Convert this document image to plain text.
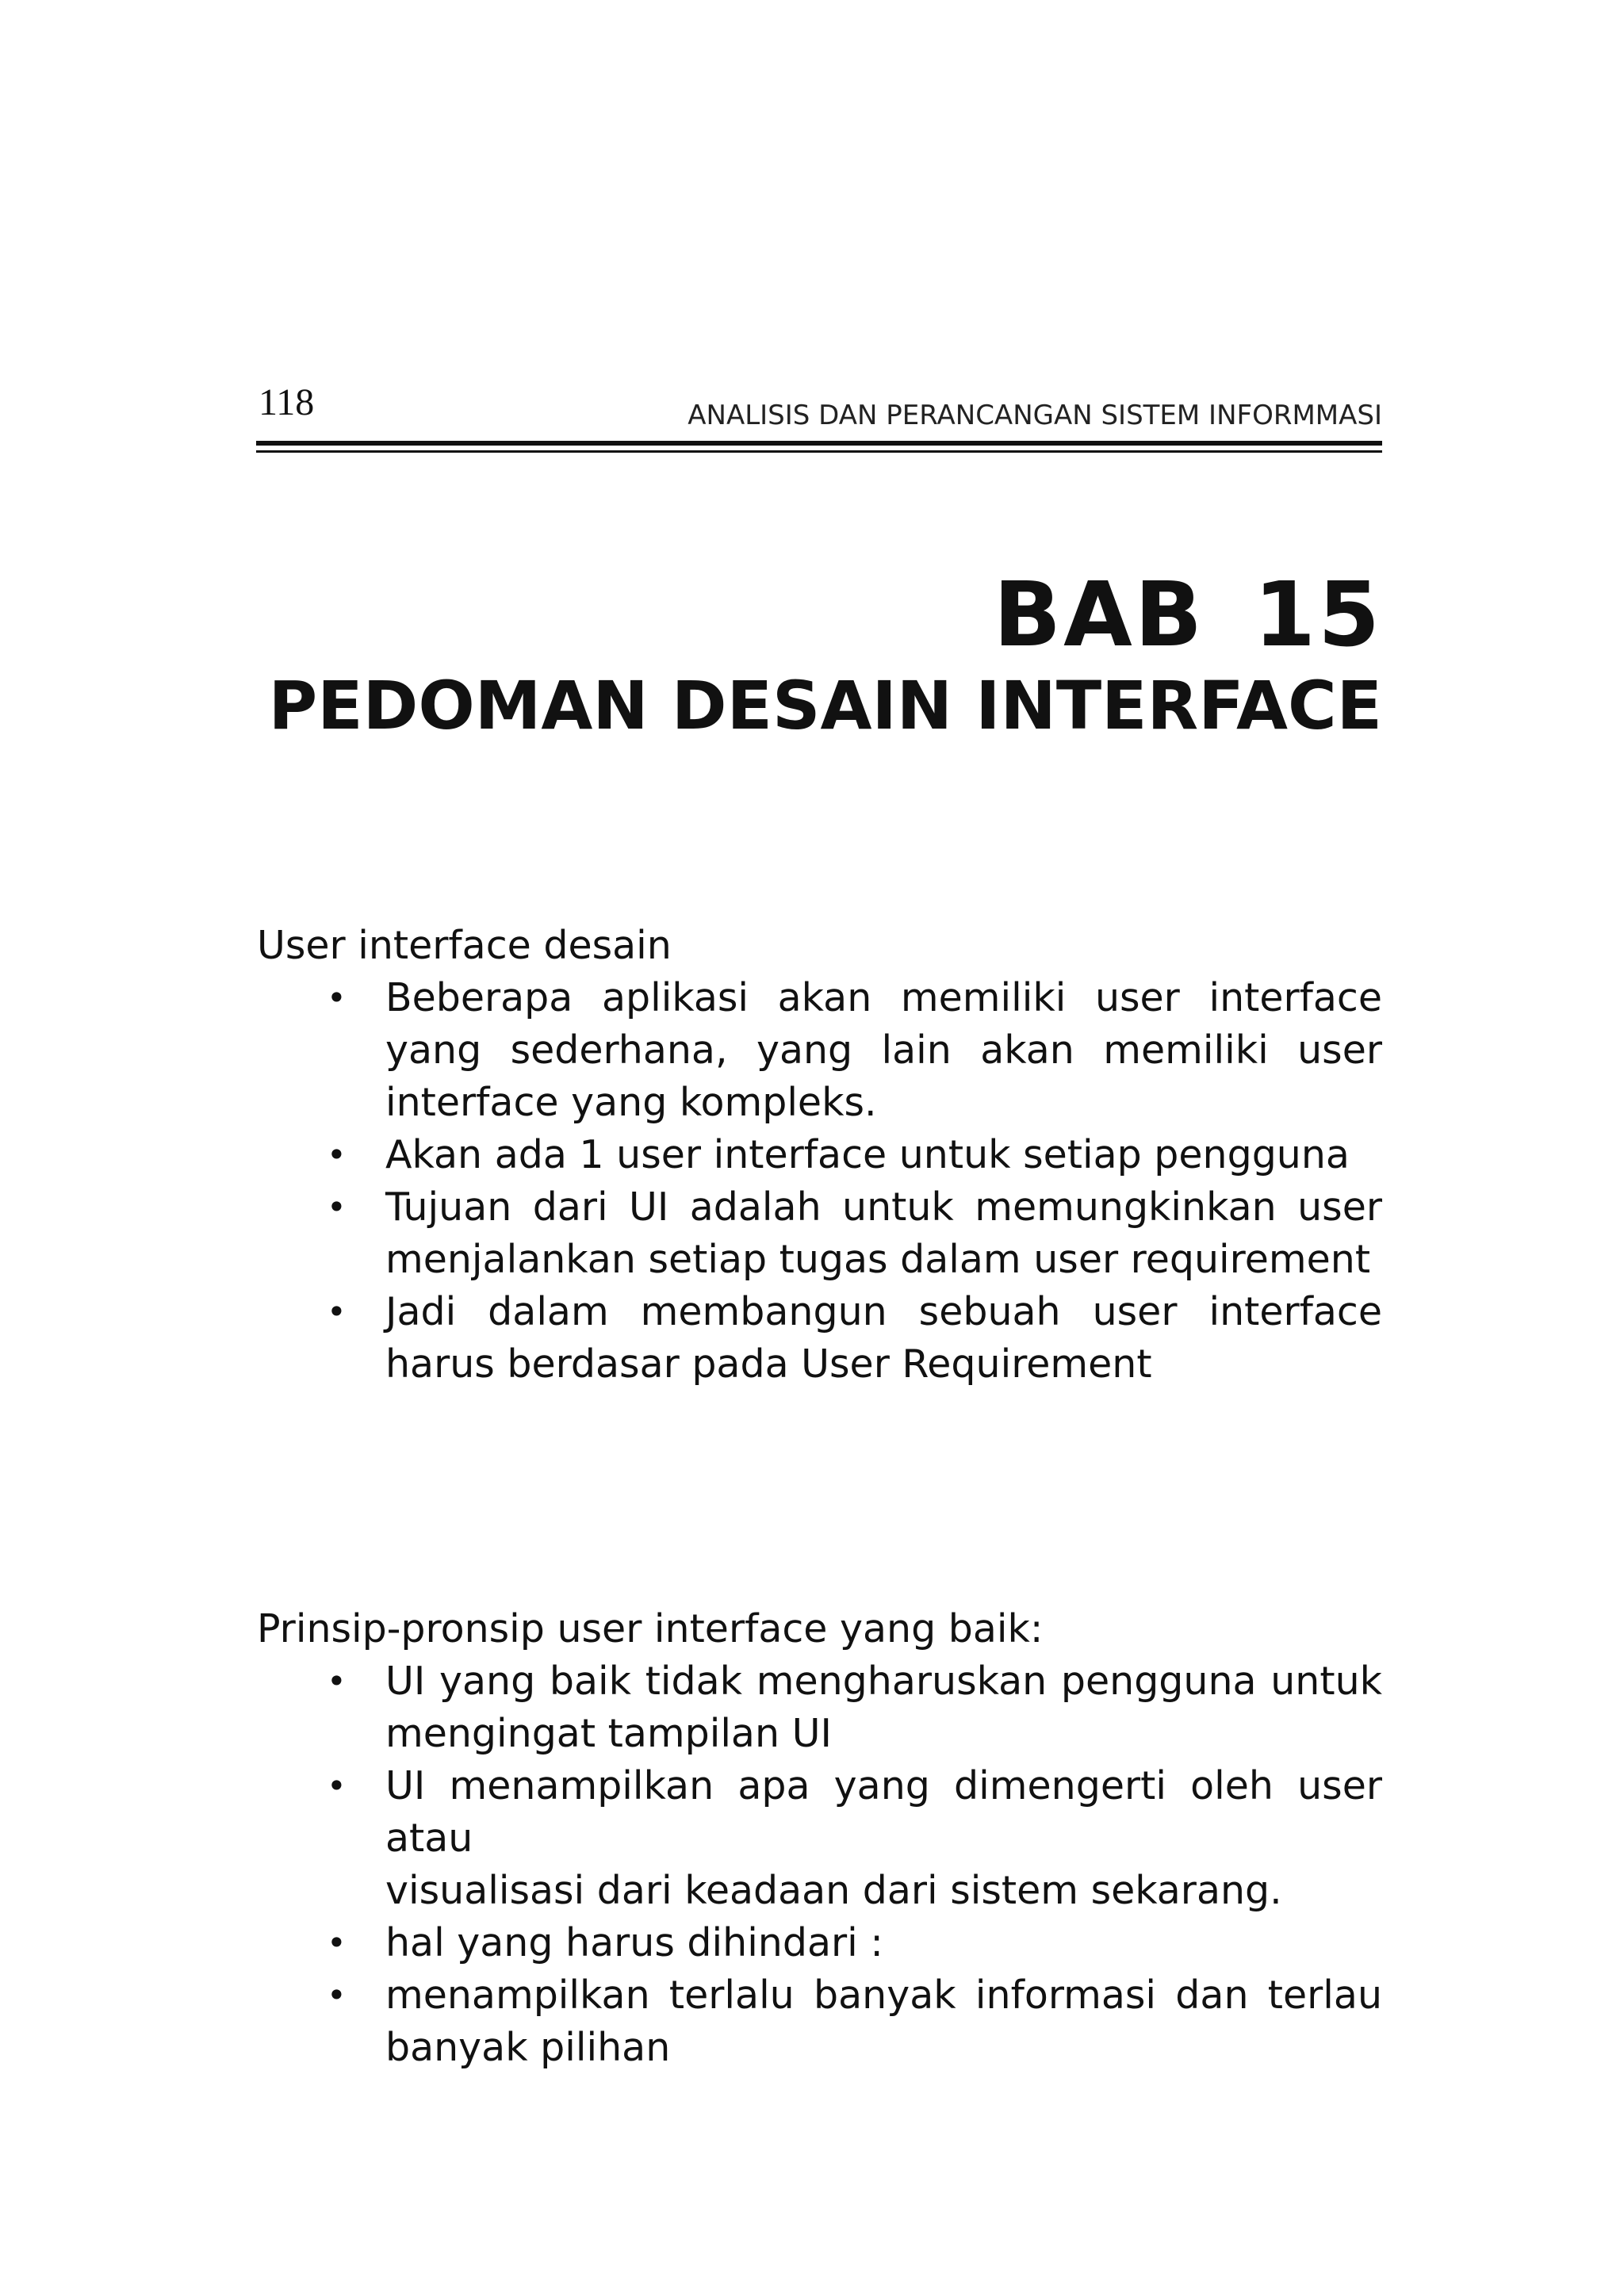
118	ANALISIS DAN PERANCANGAN SISTEM INFORMMASI
BAB 15
PEDOMAN DESAIN INTERFACE
User interface desain
• Beberapa aplikasi akan memiliki user interface yang sederhana, yang lain akan memiliki user interface yang kompleks.
• Akan ada 1 user interface untuk setiap pengguna
• Tujuan dari UI adalah untuk memungkinkan user menjalankan setiap tugas dalam user requirement
• Jadi dalam membangun sebuah user interface harus berdasar pada User Requirement
Prinsip-pronsip user interface yang baik:
• UI yang baik tidak mengharuskan pengguna untuk mengingat tampilan UI
• UI menampilkan apa yang dimengerti oleh user atau
visualisasi dari keadaan dari sistem sekarang.
• hal yang harus dihindari :
• menampilkan terlalu banyak informasi dan terlau banyak pilihan
